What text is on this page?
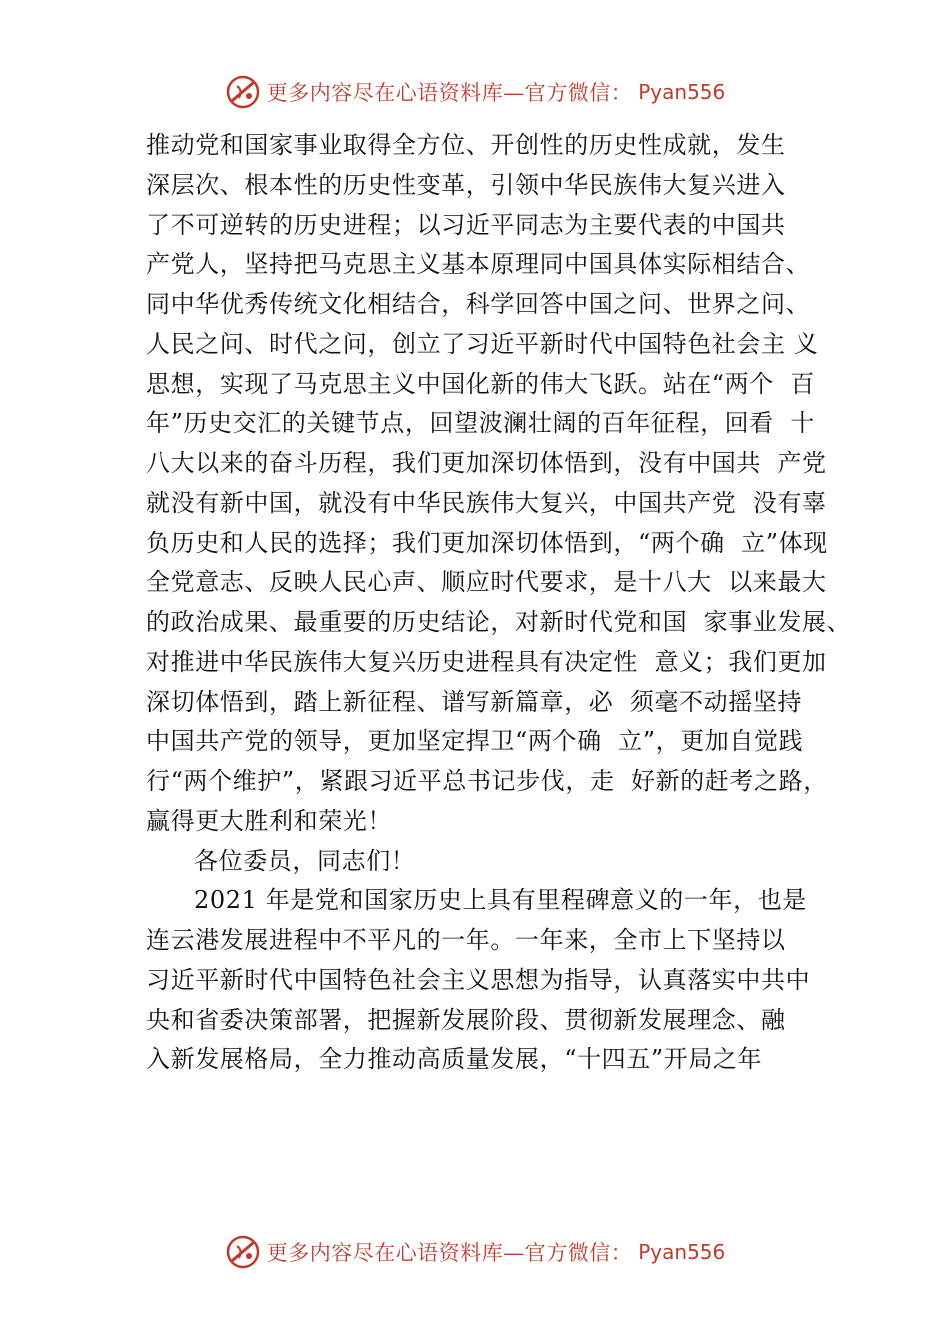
更多内容尽在心语资料库—官方微信： Pyan556
推动党和国家事业取得全方位、开创性的历史性成就，发生
深层次、根本性的历史性变革，引领中华民族伟大复兴进入
了不可逆转的历史进程；以习近平同志为主要代表的中国共
产党人，坚持把马克思主义基本原理同中国具体实际相结合、
同中华优秀传统文化相结合，科学回答中国之问、世界之问、
人民之问、时代之问，创立了习近平新时代中国特色社会主 义
思想，实现了马克思主义中国化新的伟大飞跃。站在“两个  百
年”历史交汇的关键节点，回望波澜壮阔的百年征程，回看  十
八大以来的奋斗历程，我们更加深切体悟到，没有中国共  产党
就没有新中国，就没有中华民族伟大复兴，中国共产党  没有辜
负历史和人民的选择；我们更加深切体悟到，“两个确  立”体现
全党意志、反映人民心声、顺应时代要求，是十八大  以来最大
的政治成果、最重要的历史结论，对新时代党和国  家事业发展、
对推进中华民族伟大复兴历史进程具有决定性  意义；我们更加
深切体悟到，踏上新征程、谱写新篇章，必  须毫不动摇坚持
中国共产党的领导，更加坚定捍卫“两个确  立”，更加自觉践
行“两个维护”，紧跟习近平总书记步伐，走  好新的赶考之路，
赢得更大胜利和荣光！
各位委员，同志们！
2021 年是党和国家历史上具有里程碑意义的一年，也是
连云港发展进程中不平凡的一年。一年来，全市上下坚持以
习近平新时代中国特色社会主义思想为指导，认真落实中共中
央和省委决策部署，把握新发展阶段、贯彻新发展理念、融
入新发展格局，全力推动高质量发展，“十四五”开局之年
更多内容尽在心语资料库—官方微信： Pyan556
